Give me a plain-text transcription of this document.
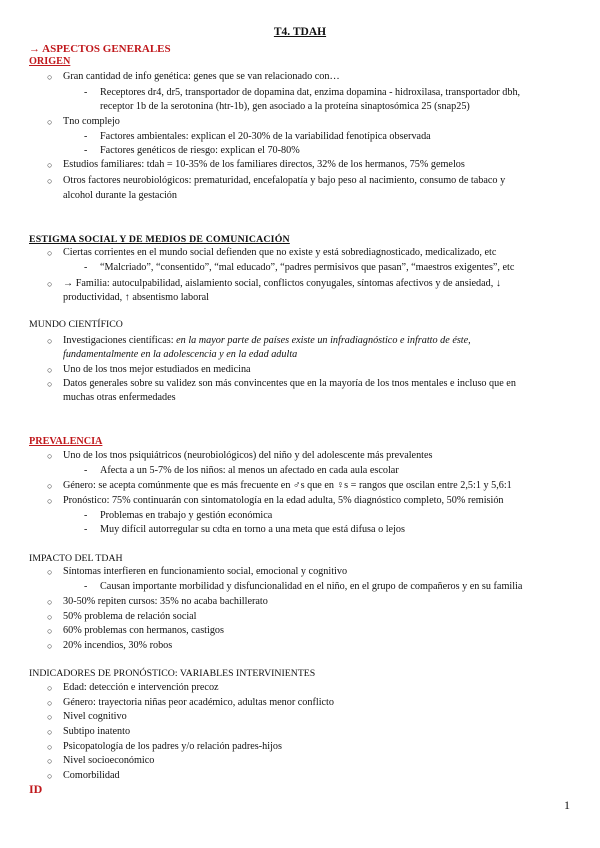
T4. TDAH
→ ASPECTOS GENERALES
ORIGEN
○ Gran cantidad de info genética: genes que se van relacionado con…
- Receptores dr4, dr5, transportador de dopamina dat, enzima dopamina - hidroxilasa, transportador dbh,
receptor 1b de la serotonina (htr-1b), gen asociado a la proteína sinaptosómica 25 (snap25)
○ Tno complejo
- Factores ambientales: explican el 20-30% de la variabilidad fenotípica observada
- Factores genéticos de riesgo: explican el 70-80%
○ Estudios familiares: tdah = 10-35% de los familiares directos, 32% de los hermanos, 75% gemelos
○ Otros factores neurobiológicos: prematuridad, encefalopatía y bajo peso al nacimiento, consumo de tabaco y
alcohol durante la gestación
ESTIGMA SOCIAL Y DE MEDIOS DE COMUNICACIÓN
○ Ciertas corrientes en el mundo social defienden que no existe y está sobrediagnosticado, medicalizado, etc
- “Malcriado”, “consentido”, “mal educado”, “padres permisivos que pasan”, “maestros exigentes”, etc
○ → Familia: autoculpabilidad, aislamiento social, conflictos conyugales, síntomas afectivos y de ansiedad, ↓
productividad, ↑ absentismo laboral
MUNDO CIENTÍFICO
○ Investigaciones científicas: en la mayor parte de países existe un infradiagnóstico e infratto de éste,
fundamentalmente en la adolescencia y en la edad adulta
○ Uno de los tnos mejor estudiados en medicina
○ Datos generales sobre su validez son más convincentes que en la mayoría de los tnos mentales e incluso que en
muchas otras enfermedades
PREVALENCIA
○ Uno de los tnos psiquiátricos (neurobiológicos) del niño y del adolescente más prevalentes
- Afecta a un 5-7% de los niños: al menos un afectado en cada aula escolar
○ Género: se acepta comúnmente que es más frecuente en ♂s que en ♀s = rangos que oscilan entre 2,5:1 y 5,6:1
○ Pronóstico: 75% continuarán con sintomatología en la edad adulta, 5% diagnóstico completo, 50% remisión
- Problemas en trabajo y gestión económica
- Muy difícil autorregular su cdta en torno a una meta que está difusa o lejos
IMPACTO DEL TDAH
○ Síntomas interfieren en funcionamiento social, emocional y cognitivo
- Causan importante morbilidad y disfuncionalidad en el niño, en el grupo de compañeros y en su familia
○ 30-50% repiten cursos: 35% no acaba bachillerato
○ 50% problema de relación social
○ 60% problemas con hermanos, castigos
○ 20% incendios, 30% robos
INDICADORES DE PRONÓSTICO: VARIABLES INTERVINIENTES
○ Edad: detección e intervención precoz
○ Género: trayectoria niñas peor académico, adultas menor conflicto
○ Nivel cognitivo
○ Subtipo inatento
○ Psicopatología de los padres y/o relación padres-hijos
○ Nivel socioeconómico
○ Comorbilidad
ID
1
